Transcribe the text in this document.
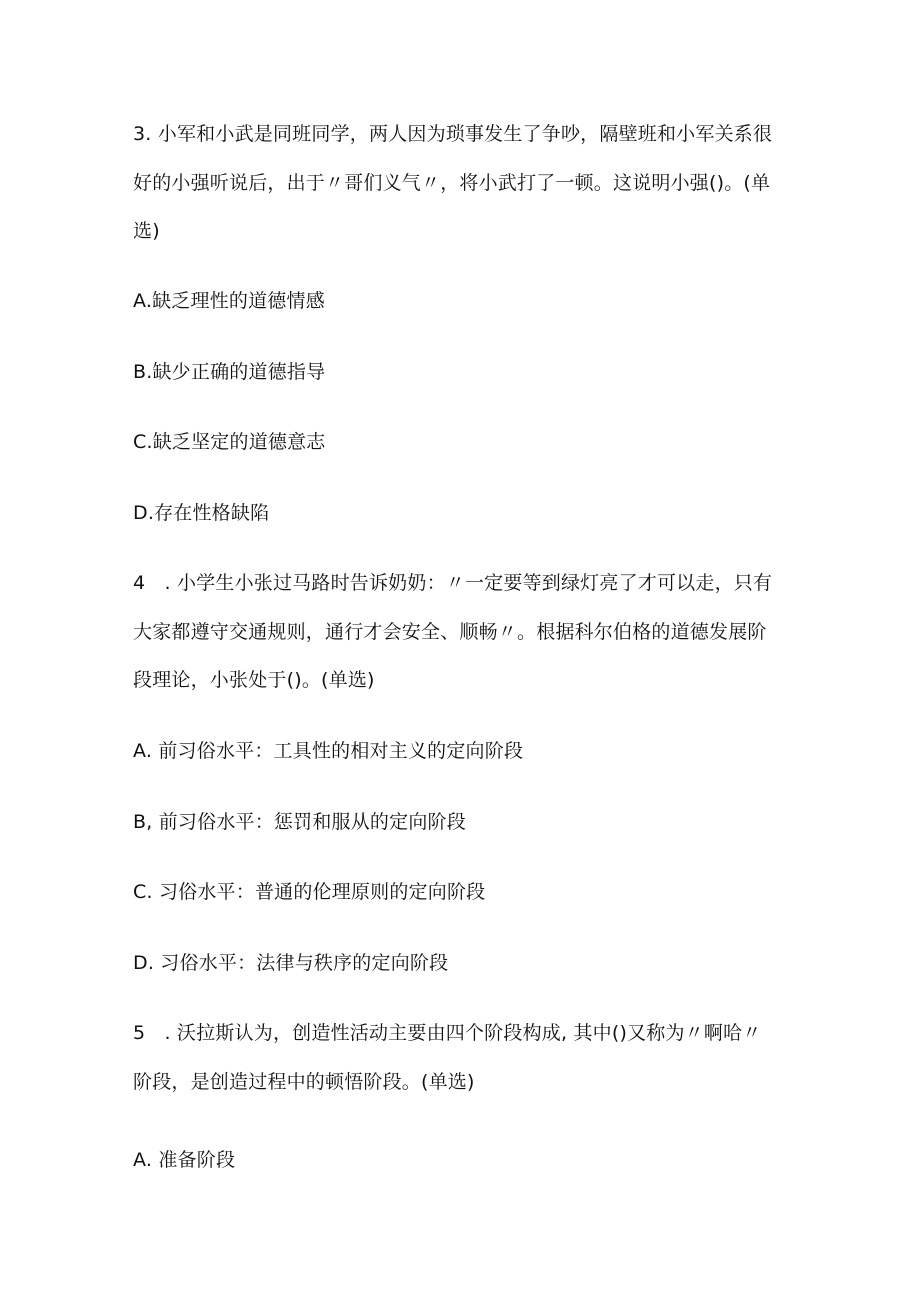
3. 小军和小武是同班同学，两人因为琐事发生了争吵，隔壁班和小军关系很
好的小强听说后，出于〃哥们义气〃，将小武打了一顿。这说明小强()。(单
选)
A.缺乏理性的道德情感
B.缺少正确的道德指导
C.缺乏坚定的道德意志
D.存在性格缺陷
4　. 小学生小张过马路时告诉奶奶：〃一定要等到绿灯亮了才可以走，只有
大家都遵守交通规则，通行才会安全、顺畅〃。根据科尔伯格的道德发展阶
段理论，小张处于()。(单选)
A. 前习俗水平：工具性的相对主义的定向阶段
B, 前习俗水平：惩罚和服从的定向阶段
C. 习俗水平：普通的伦理原则的定向阶段
D. 习俗水平：法律与秩序的定向阶段
5　. 沃拉斯认为，创造性活动主要由四个阶段构成, 其中()又称为〃啊哈〃
阶段，是创造过程中的顿悟阶段。(单选)
A. 准备阶段
